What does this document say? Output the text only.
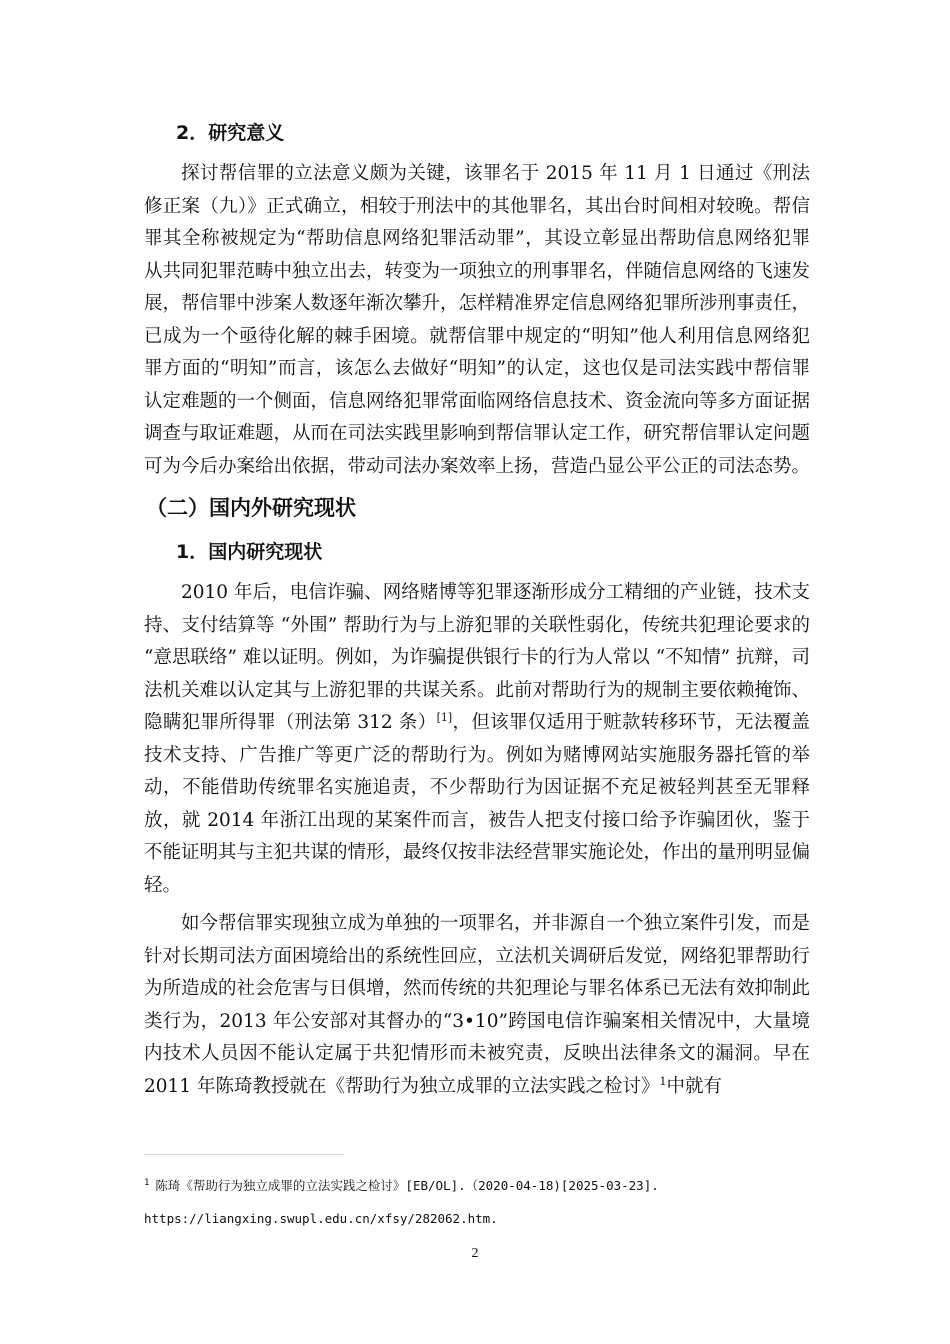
2．研究意义

探讨帮信罪的立法意义颇为关键，该罪名于 2015 年 11 月 1 日通过《刑法修正案（九）》正式确立，相较于刑法中的其他罪名，其出台时间相对较晚。帮信罪其全称被规定为“帮助信息网络犯罪活动罪”，其设立彰显出帮助信息网络犯罪从共同犯罪范畴中独立出去，转变为一项独立的刑事罪名，伴随信息网络的飞速发展，帮信罪中涉案人数逐年渐次攀升，怎样精准界定信息网络犯罪所涉刑事责任，已成为一个亟待化解的棘手困境。就帮信罪中规定的“明知”他人利用信息网络犯罪方面的“明知”而言，该怎么去做好“明知”的认定，这也仅是司法实践中帮信罪认定难题的一个侧面，信息网络犯罪常面临网络信息技术、资金流向等多方面证据调查与取证难题，从而在司法实践里影响到帮信罪认定工作，研究帮信罪认定问题可为今后办案给出依据，带动司法办案效率上扬，营造凸显公平公正的司法态势。

（二）国内外研究现状
1．国内研究现状

2010 年后，电信诈骗、网络赌博等犯罪逐渐形成分工精细的产业链，技术支持、支付结算等 “外围” 帮助行为与上游犯罪的关联性弱化，传统共犯理论要求的 “意思联络” 难以证明。例如，为诈骗提供银行卡的行为人常以 “不知情” 抗辩，司法机关难以认定其与上游犯罪的共谋关系。此前对帮助行为的规制主要依赖掩饰、隐瞒犯罪所得罪（刑法第 312 条）[1]，但该罪仅适用于赃款转移环节，无法覆盖技术支持、广告推广等更广泛的帮助行为。例如为赌博网站实施服务器托管的举动，不能借助传统罪名实施追责，不少帮助行为因证据不充足被轻判甚至无罪释放，就 2014 年浙江出现的某案件而言，被告人把支付接口给予诈骗团伙，鉴于不能证明其与主犯共谋的情形，最终仅按非法经营罪实施论处，作出的量刑明显偏轻。

如今帮信罪实现独立成为单独的一项罪名，并非源自一个独立案件引发，而是针对长期司法方面困境给出的系统性回应，立法机关调研后发觉，网络犯罪帮助行为所造成的社会危害与日俱增，然而传统的共犯理论与罪名体系已无法有效抑制此类行为，2013 年公安部对其督办的“3•10”跨国电信诈骗案相关情况中，大量境内技术人员因不能认定属于共犯情形而未被究责，反映出法律条文的漏洞。早在 2011 年陈琦教授就在《帮助行为独立成罪的立法实践之检讨》$^1$中就有

$^1$ 陈琦《帮助行为独立成罪的立法实践之检讨》[EB/OL].（2020-04-18)[2025-03-23].
https://liangxing.swupl.edu.cn/xfsy/282062.htm.
2
